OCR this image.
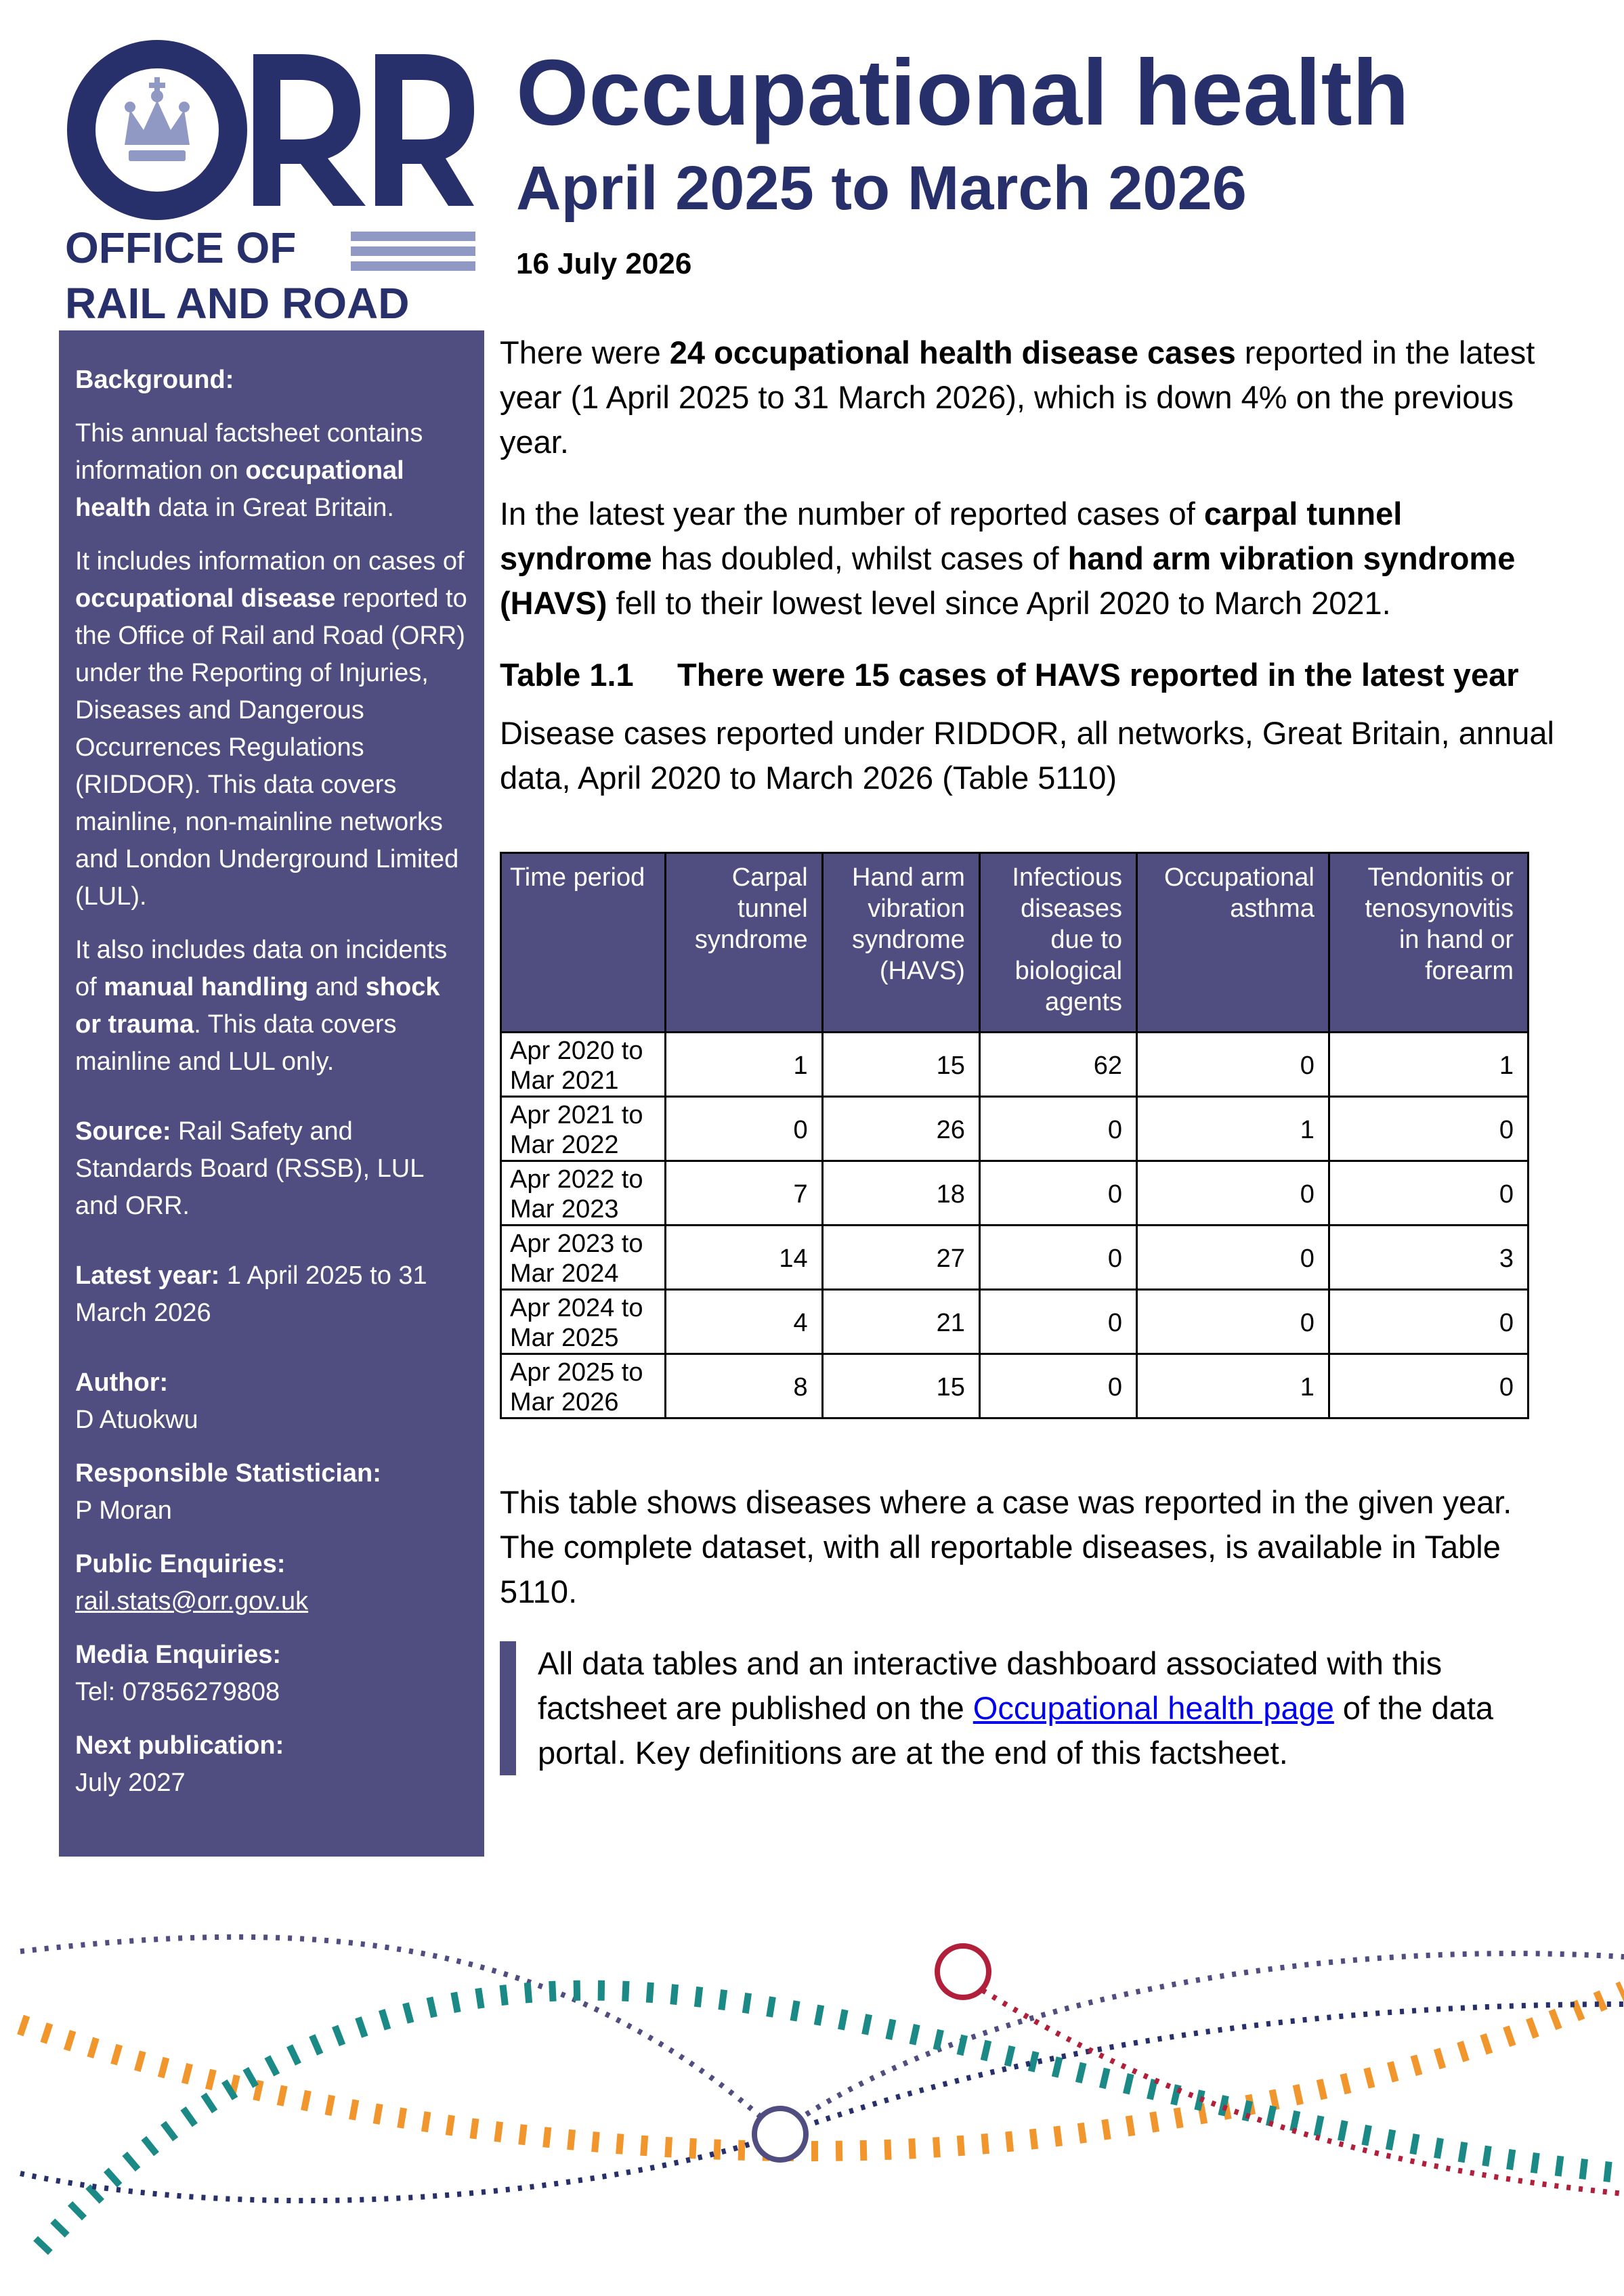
OFFICE OF
RAIL AND ROAD
Occupational health
April 2025 to March 2026
16 July 2026

Background:

This annual factsheet contains information on occupational health data in Great Britain.

It includes information on cases of occupational disease reported to the Office of Rail and Road (ORR) under the Reporting of Injuries, Diseases and Dangerous Occurrences Regulations (RIDDOR). This data covers mainline, non-mainline networks and London Underground Limited (LUL).

It also includes data on incidents of manual handling and shock or trauma. This data covers mainline and LUL only.

Source: Rail Safety and Standards Board (RSSB), LUL and ORR.

Latest year: 1 April 2025 to 31 March 2026

Author:
D Atuokwu

Responsible Statistician:
P Moran

Public Enquiries:
rail.stats@orr.gov.uk

Media Enquiries:
Tel: 07856279808

Next publication:
July 2027

There were 24 occupational health disease cases reported in the latest year (1 April 2025 to 31 March 2026), which is down 4% on the previous year.

In the latest year the number of reported cases of carpal tunnel syndrome has doubled, whilst cases of hand arm vibration syndrome (HAVS) fell to their lowest level since April 2020 to March 2021.

Table 1.1 There were 15 cases of HAVS reported in the latest year

Disease cases reported under RIDDOR, all networks, Great Britain, annual data, April 2020 to March 2026 (Table 5110)

Time period	Carpal tunnel syndrome	Hand arm vibration syndrome (HAVS)	Infectious diseases due to biological agents	Occupational asthma	Tendonitis or tenosynovitis in hand or forearm
Apr 2020 to Mar 2021	1	15	62	0	1
Apr 2021 to Mar 2022	0	26	0	1	0
Apr 2022 to Mar 2023	7	18	0	0	0
Apr 2023 to Mar 2024	14	27	0	0	3
Apr 2024 to Mar 2025	4	21	0	0	0
Apr 2025 to Mar 2026	8	15	0	1	0

This table shows diseases where a case was reported in the given year. The complete dataset, with all reportable diseases, is available in Table 5110.

All data tables and an interactive dashboard associated with this factsheet are published on the Occupational health page of the data portal. Key definitions are at the end of this factsheet.
